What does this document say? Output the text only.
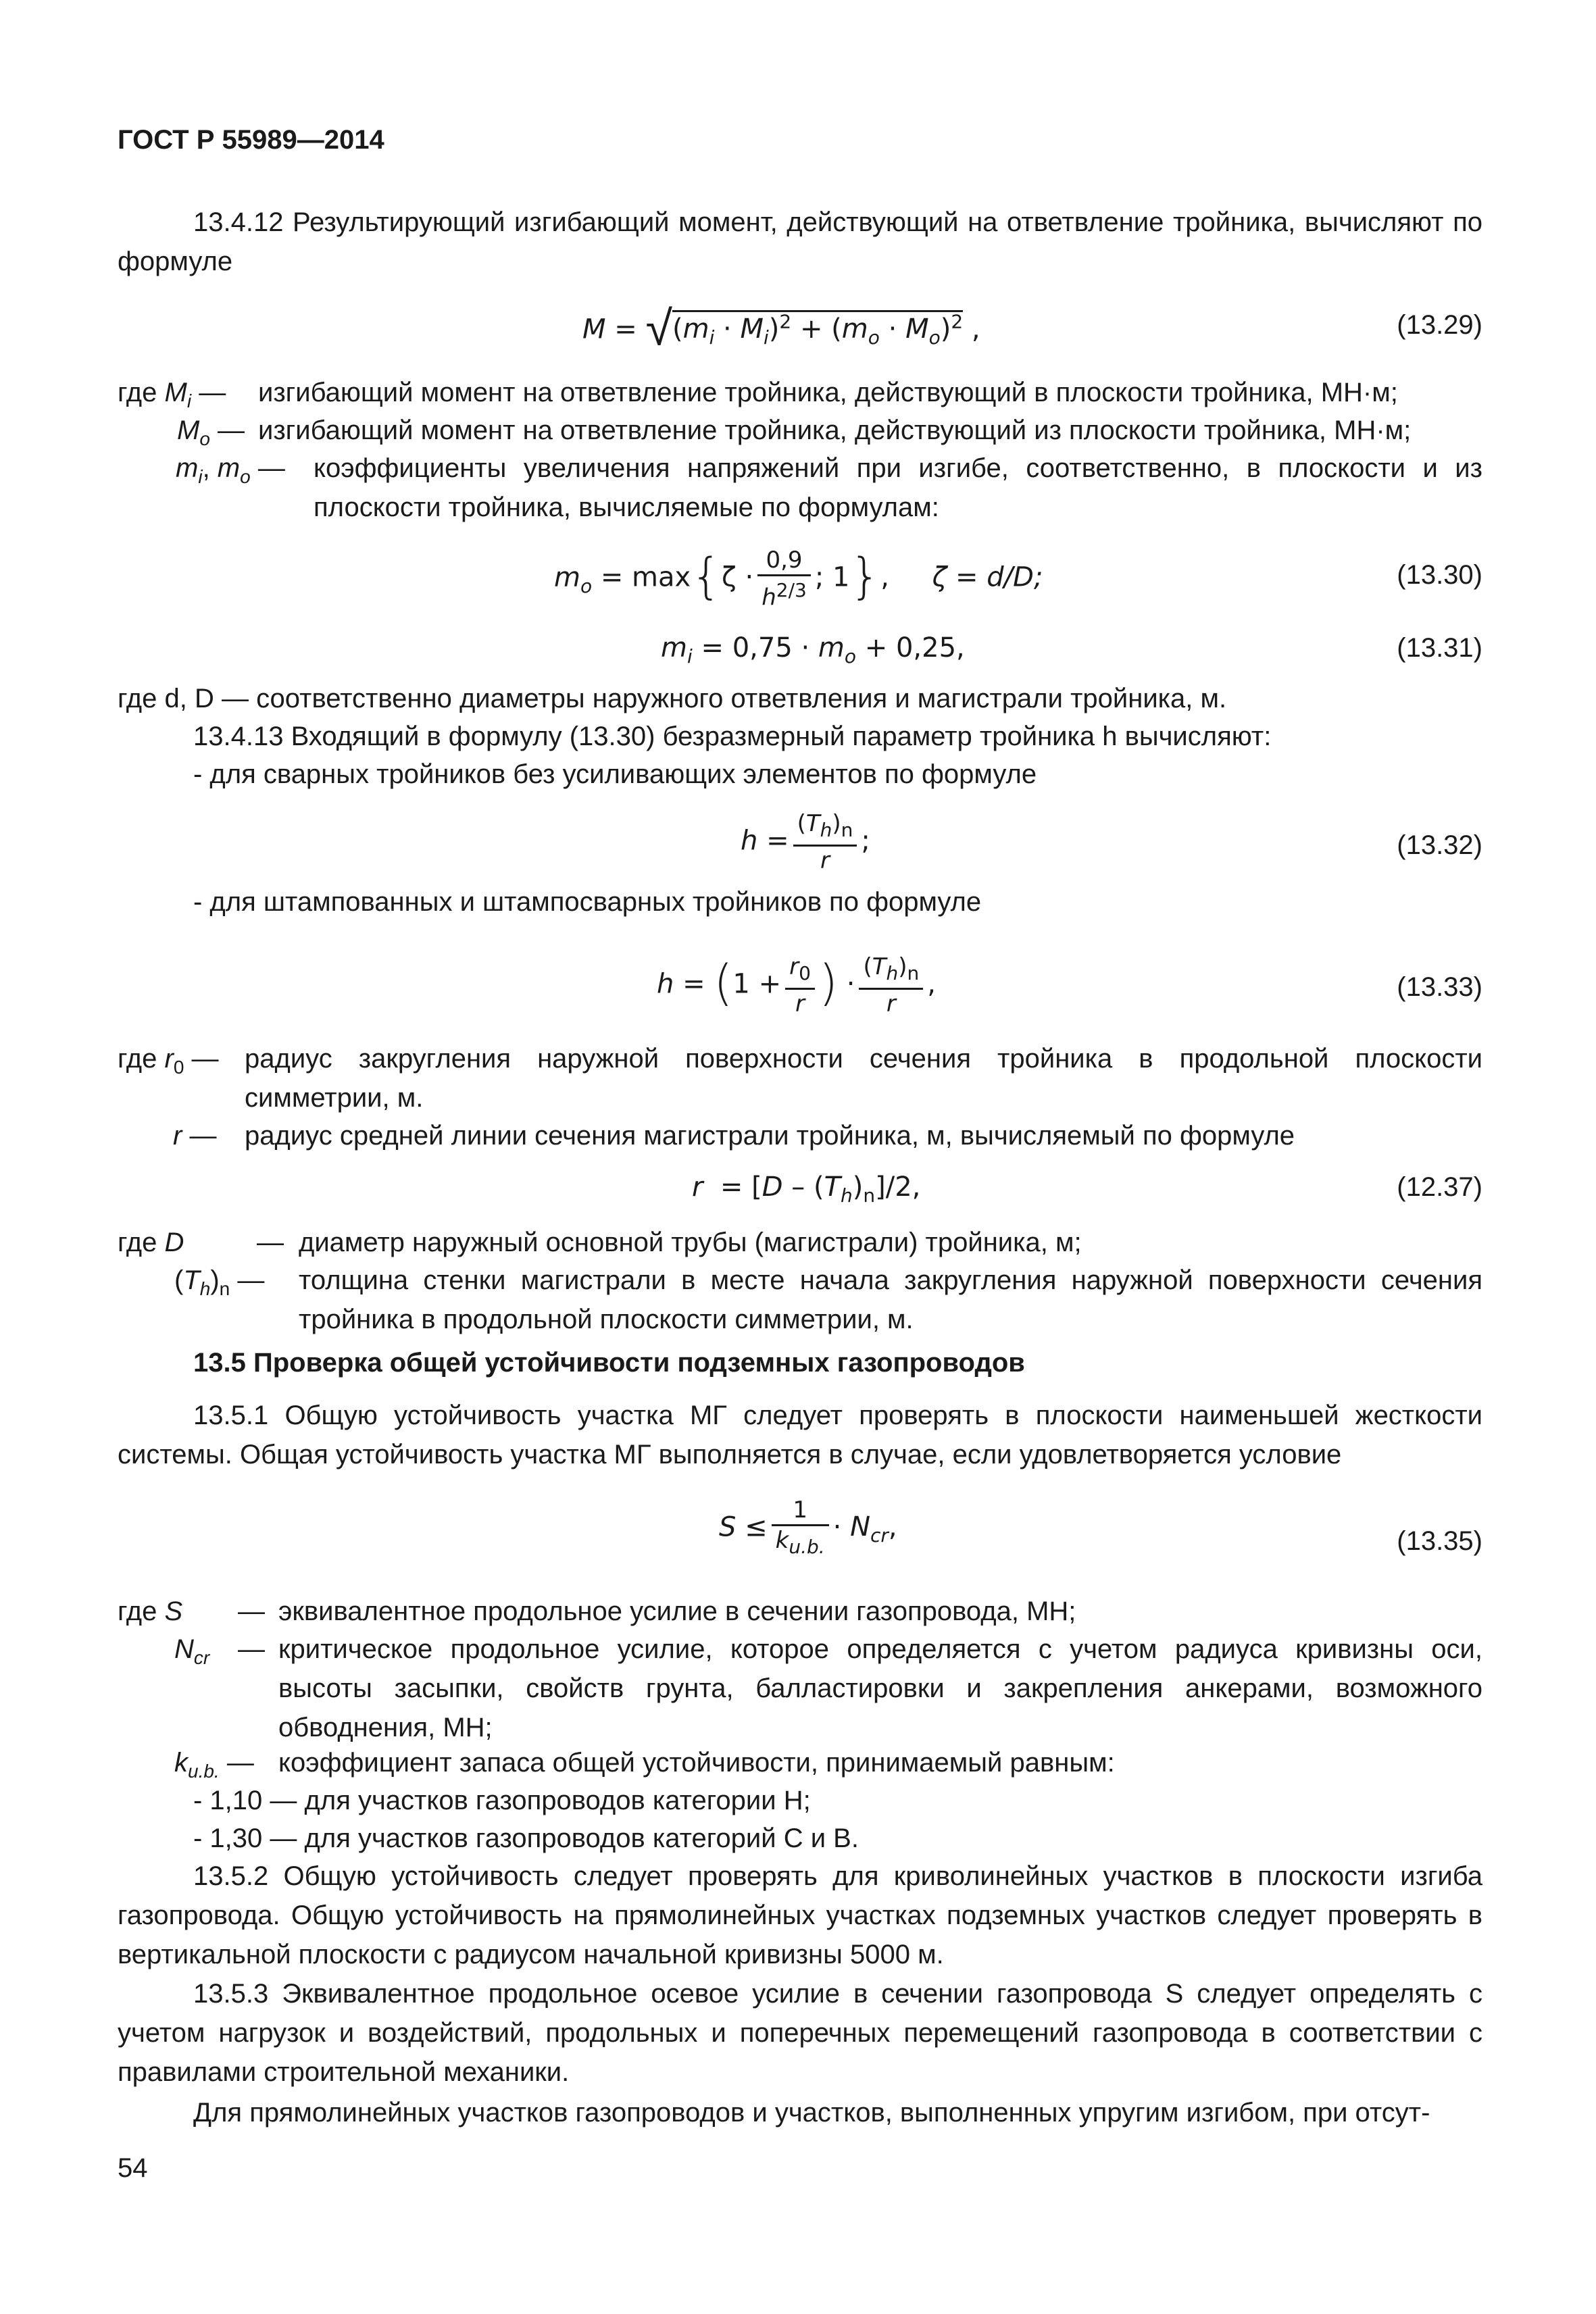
ГОСТ Р 55989—2014
13.4.12 Результирующий изгибающий момент, действующий на ответвление тройника, вычисляют по формуле
$M = √(m_i \cdot M_i)^2 + (m_o \cdot M_o)^2$ ,	(13.29)
где $M_i$ — изгибающий момент на ответвление тройника, действующий в плоскости тройника, МН·м;
$M_o$ — изгибающий момент на ответвление тройника, действующий из плоскости тройника, МН·м;
$m_i$, $m_o$ — коэффициенты увеличения напряжений при изгибе, соответственно, в плоскости и из плоскости тройника, вычисляемые по формулам:
$m_o = \max\{\zeta \cdot \frac{0,9}{h^{2/3}}$ ; 1},     ζ = d/D;	(13.30)
$m_i = 0,75 \cdot m_o + 0,25$,	(13.31)
где d, D — соответственно диаметры наружного ответвления и магистрали тройника, м.
13.4.13 Входящий в формулу (13.30) безразмерный параметр тройника h вычисляют:
- для сварных тройников без усиливающих элементов по формуле
$h = \frac{(T_h)_n}{r}$ ;	(13.32)
- для штампованных и штампосварных тройников по формуле
$h = (1 + \frac{r_0}{r}$ ) · $\frac{(T_h)_n}{r}$ ,	(13.33)
где $r_0$ — радиус закругления наружной поверхности сечения тройника в продольной плоскости симметрии, м.
r — радиус средней линии сечения магистрали тройника, м, вычисляемый по формуле
$r = [D - (T_h)_n]/2$,	(12.37)
где D	— диаметр наружный основной трубы (магистрали) тройника, м;
$(T_h)_n$ — толщина стенки магистрали в месте начала закругления наружной поверхности сечения тройника в продольной плоскости симметрии, м.
13.5 Проверка общей устойчивости подземных газопроводов
13.5.1 Общую устойчивость участка МГ следует проверять в плоскости наименьшей жесткости системы. Общая устойчивость участка МГ выполняется в случае, если удовлетворяется условие
$S \le \frac{1}{k_{u.b.}} \cdot N_{cr}$,	(13.35)
где S — эквивалентное продольное усилие в сечении газопровода, МН;
$N_{cr}$ — критическое продольное усилие, которое определяется с учетом радиуса кривизны оси, высоты засыпки, свойств грунта, балластировки и закрепления анкерами, возможного обводнения, МН;
$k_{u.b.}$ — коэффициент запаса общей устойчивости, принимаемый равным:
- 1,10 — для участков газопроводов категории Н;
- 1,30 — для участков газопроводов категорий С и В.
13.5.2 Общую устойчивость следует проверять для криволинейных участков в плоскости изгиба газопровода. Общую устойчивость на прямолинейных участках подземных участков следует проверять в вертикальной плоскости с радиусом начальной кривизны 5000 м.
13.5.3 Эквивалентное продольное осевое усилие в сечении газопровода S следует определять с учетом нагрузок и воздействий, продольных и поперечных перемещений газопровода в соответствии с правилами строительной механики.
Для прямолинейных участков газопроводов и участков, выполненных упругим изгибом, при отсут-
54
